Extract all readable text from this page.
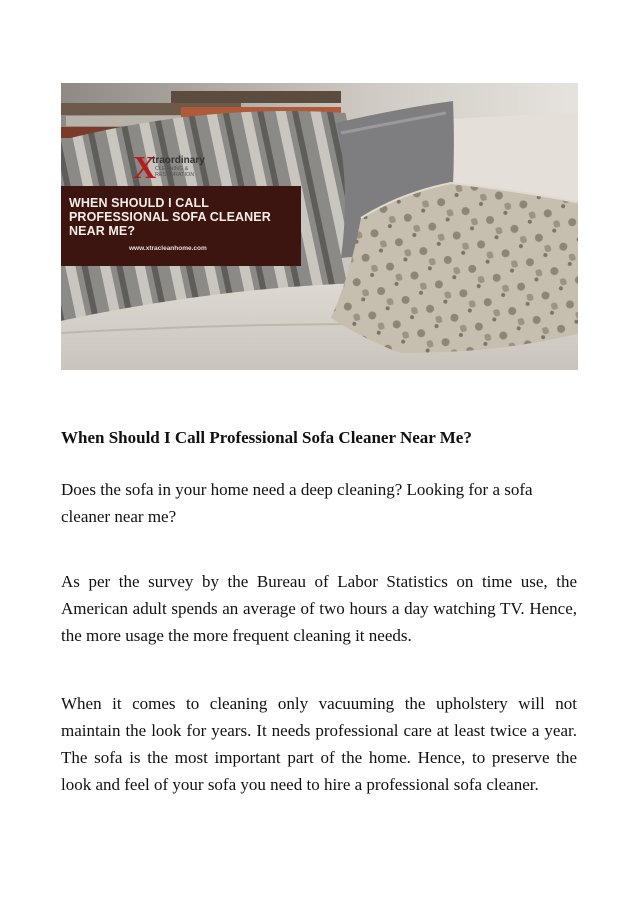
X
traordinary
CLEANING & RESTORATION
WHEN SHOULD I CALL
PROFESSIONAL SOFA CLEANER
NEAR ME?
www.xtracleanhome.com
When Should I Call Professional Sofa Cleaner Near Me?

Does the sofa in your home need a deep cleaning? Looking for a sofa cleaner near me?

As per the survey by the Bureau of Labor Statistics on time use, the American adult spends an average of two hours a day watching TV. Hence, the more usage the more frequent cleaning it needs.

When it comes to cleaning only vacuuming the upholstery will not maintain the look for years. It needs professional care at least twice a year. The sofa is the most important part of the home. Hence, to preserve the look and feel of your sofa you need to hire a professional sofa cleaner.
